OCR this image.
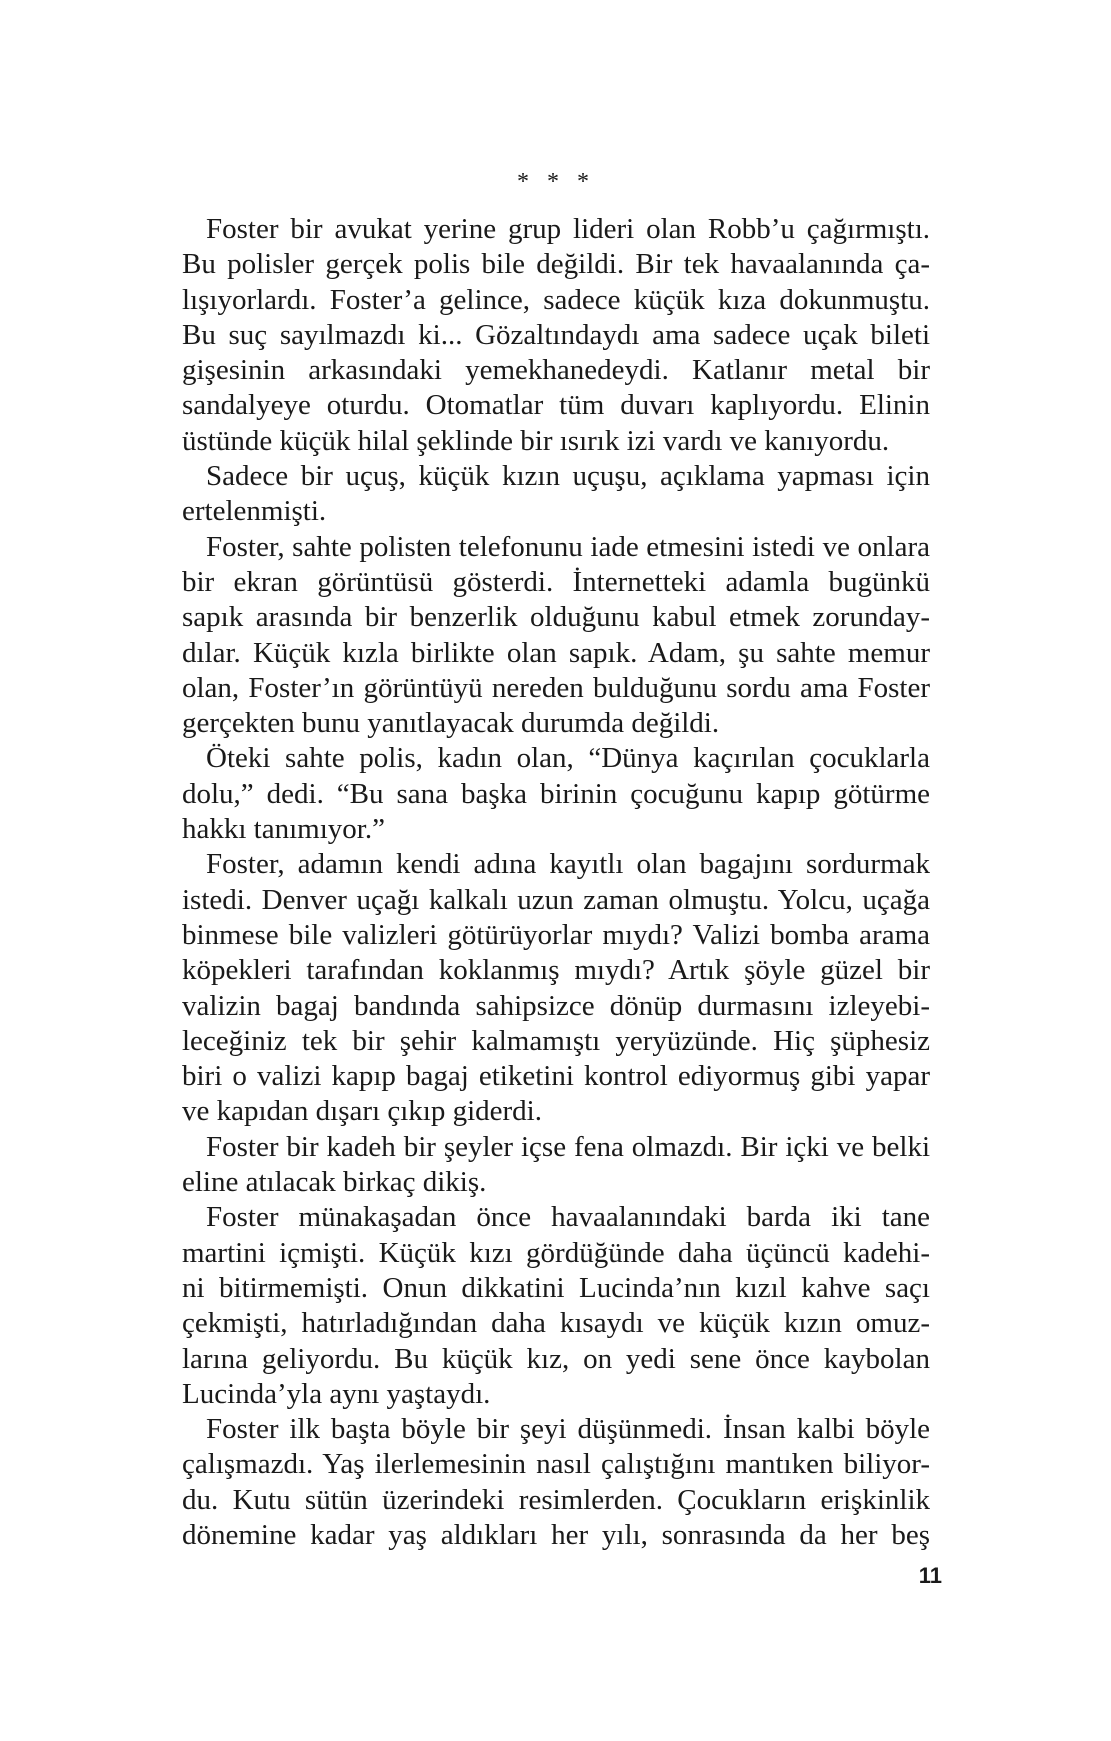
* * *
Foster bir avukat yerine grup lideri olan Robb’u çağırmıştı.
Bu polisler gerçek polis bile değildi. Bir tek havaalanında ça-
lışıyorlardı. Foster’a gelince, sadece küçük kıza dokunmuştu.
Bu suç sayılmazdı ki... Gözaltındaydı ama sadece uçak bileti
gişesinin arkasındaki yemekhanedeydi. Katlanır metal bir
sandalyeye oturdu. Otomatlar tüm duvarı kaplıyordu. Elinin
üstünde küçük hilal şeklinde bir ısırık izi vardı ve kanıyordu.
Sadece bir uçuş, küçük kızın uçuşu, açıklama yapması için
ertelenmişti.
Foster, sahte polisten telefonunu iade etmesini istedi ve onlara
bir ekran görüntüsü gösterdi. İnternetteki adamla bugünkü
sapık arasında bir benzerlik olduğunu kabul etmek zorunday-
dılar. Küçük kızla birlikte olan sapık. Adam, şu sahte memur
olan, Foster’ın görüntüyü nereden bulduğunu sordu ama Foster
gerçekten bunu yanıtlayacak durumda değildi.
Öteki sahte polis, kadın olan, “Dünya kaçırılan çocuklarla
dolu,” dedi. “Bu sana başka birinin çocuğunu kapıp götürme
hakkı tanımıyor.”
Foster, adamın kendi adına kayıtlı olan bagajını sordurmak
istedi. Denver uçağı kalkalı uzun zaman olmuştu. Yolcu, uçağa
binmese bile valizleri götürüyorlar mıydı? Valizi bomba arama
köpekleri tarafından koklanmış mıydı? Artık şöyle güzel bir
valizin bagaj bandında sahipsizce dönüp durmasını izleyebi-
leceğiniz tek bir şehir kalmamıştı yeryüzünde. Hiç şüphesiz
biri o valizi kapıp bagaj etiketini kontrol ediyormuş gibi yapar
ve kapıdan dışarı çıkıp giderdi.
Foster bir kadeh bir şeyler içse fena olmazdı. Bir içki ve belki
eline atılacak birkaç dikiş.
Foster münakaşadan önce havaalanındaki barda iki tane
martini içmişti. Küçük kızı gördüğünde daha üçüncü kadehi-
ni bitirmemişti. Onun dikkatini Lucinda’nın kızıl kahve saçı
çekmişti, hatırladığından daha kısaydı ve küçük kızın omuz-
larına geliyordu. Bu küçük kız, on yedi sene önce kaybolan
Lucinda’yla aynı yaştaydı.
Foster ilk başta böyle bir şeyi düşünmedi. İnsan kalbi böyle
çalışmazdı. Yaş ilerlemesinin nasıl çalıştığını mantıken biliyor-
du. Kutu sütün üzerindeki resimlerden. Çocukların erişkinlik
dönemine kadar yaş aldıkları her yılı, sonrasında da her beş
11
